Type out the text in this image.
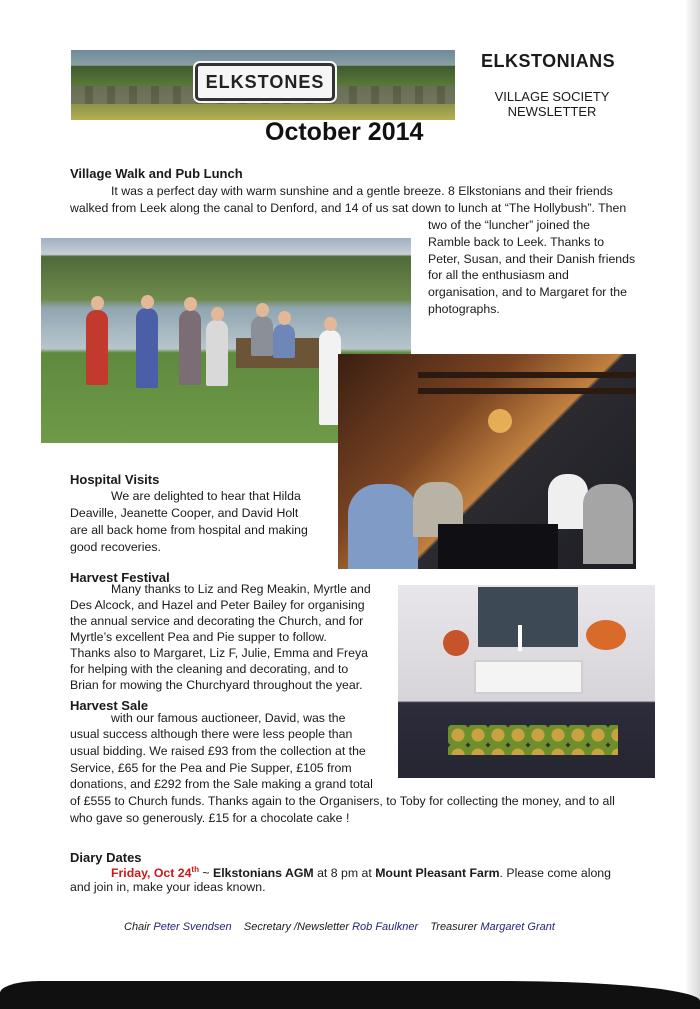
ELKSTONES
ELKSTONIANS
VILLAGE SOCIETY
NEWSLETTER
October 2014
Village Walk and Pub Lunch
It was a perfect day with warm sunshine and a gentle breeze. 8 Elkstonians and their friends
walked from Leek along the canal to Denford, and 14 of us sat down to lunch at “The Hollybush”. Then
two of the “luncher” joined the
Ramble back to Leek. Thanks to
Peter, Susan, and their Danish friends
for all the enthusiasm and
organisation, and to Margaret for the
photographs.
Hospital Visits
We are delighted to hear that Hilda
Deaville, Jeanette Cooper, and David Holt
are all back home from hospital and making
good recoveries.
Harvest Festival
Many thanks to Liz and Reg Meakin, Myrtle and
Des Alcock, and Hazel and Peter Bailey for organising
the annual service and decorating the Church, and for
Myrtle’s excellent Pea and Pie supper to follow.
Thanks also to Margaret, Liz F, Julie, Emma and Freya
for helping with the cleaning and decorating, and to
Brian for mowing the Churchyard throughout the year.
Harvest Sale
with our famous auctioneer, David, was the
usual success although there were less people than
usual bidding. We raised £93 from the collection at the
Service, £65 for the Pea and Pie Supper, £105 from
donations, and £292 from the Sale making a grand total
of £555 to Church funds. Thanks again to the Organisers, to Toby for collecting the money, and to all
who gave so generously. £15 for a chocolate cake !
Diary Dates
Friday, Oct 24th ~ Elkstonians AGM at 8 pm at Mount Pleasant Farm. Please come along
and join in, make your ideas known.
Chair Peter Svendsen Secretary /Newsletter Rob Faulkner Treasurer Margaret Grant
